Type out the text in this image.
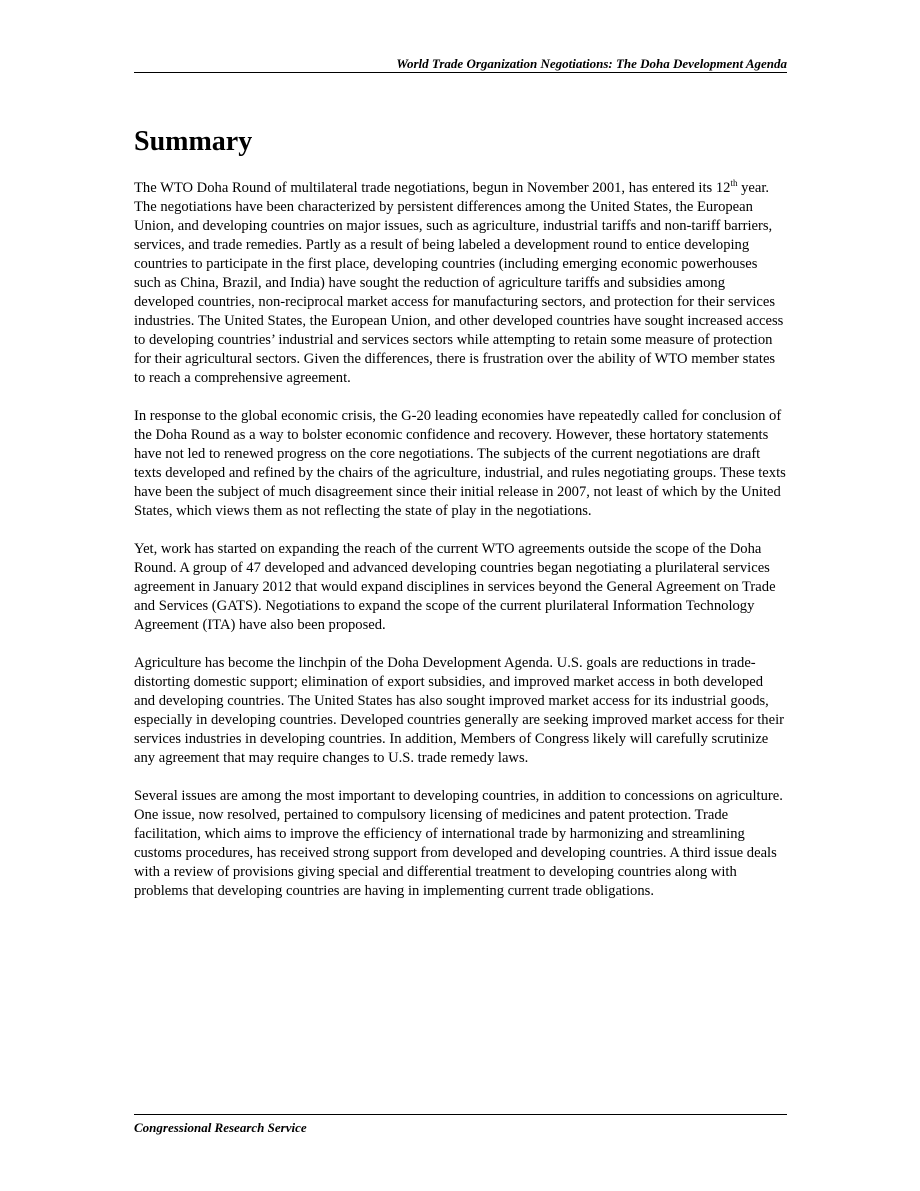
World Trade Organization Negotiations: The Doha Development Agenda
Summary

The WTO Doha Round of multilateral trade negotiations, begun in November 2001, has entered its 12th year. The negotiations have been characterized by persistent differences among the United States, the European Union, and developing countries on major issues, such as agriculture, industrial tariffs and non-tariff barriers, services, and trade remedies. Partly as a result of being labeled a development round to entice developing countries to participate in the first place, developing countries (including emerging economic powerhouses such as China, Brazil, and India) have sought the reduction of agriculture tariffs and subsidies among developed countries, non-reciprocal market access for manufacturing sectors, and protection for their services industries. The United States, the European Union, and other developed countries have sought increased access to developing countries’ industrial and services sectors while attempting to retain some measure of protection for their agricultural sectors. Given the differences, there is frustration over the ability of WTO member states to reach a comprehensive agreement.

In response to the global economic crisis, the G-20 leading economies have repeatedly called for conclusion of the Doha Round as a way to bolster economic confidence and recovery. However, these hortatory statements have not led to renewed progress on the core negotiations. The subjects of the current negotiations are draft texts developed and refined by the chairs of the agriculture, industrial, and rules negotiating groups. These texts have been the subject of much disagreement since their initial release in 2007, not least of which by the United States, which views them as not reflecting the state of play in the negotiations.

Yet, work has started on expanding the reach of the current WTO agreements outside the scope of the Doha Round. A group of 47 developed and advanced developing countries began negotiating a plurilateral services agreement in January 2012 that would expand disciplines in services beyond the General Agreement on Trade and Services (GATS). Negotiations to expand the scope of the current plurilateral Information Technology Agreement (ITA) have also been proposed.

Agriculture has become the linchpin of the Doha Development Agenda. U.S. goals are reductions in trade-distorting domestic support; elimination of export subsidies, and improved market access in both developed and developing countries. The United States has also sought improved market access for its industrial goods, especially in developing countries. Developed countries generally are seeking improved market access for their services industries in developing countries. In addition, Members of Congress likely will carefully scrutinize any agreement that may require changes to U.S. trade remedy laws.

Several issues are among the most important to developing countries, in addition to concessions on agriculture. One issue, now resolved, pertained to compulsory licensing of medicines and patent protection. Trade facilitation, which aims to improve the efficiency of international trade by harmonizing and streamlining customs procedures, has received strong support from developed and developing countries. A third issue deals with a review of provisions giving special and differential treatment to developing countries along with problems that developing countries are having in implementing current trade obligations.

Congressional Research Service
